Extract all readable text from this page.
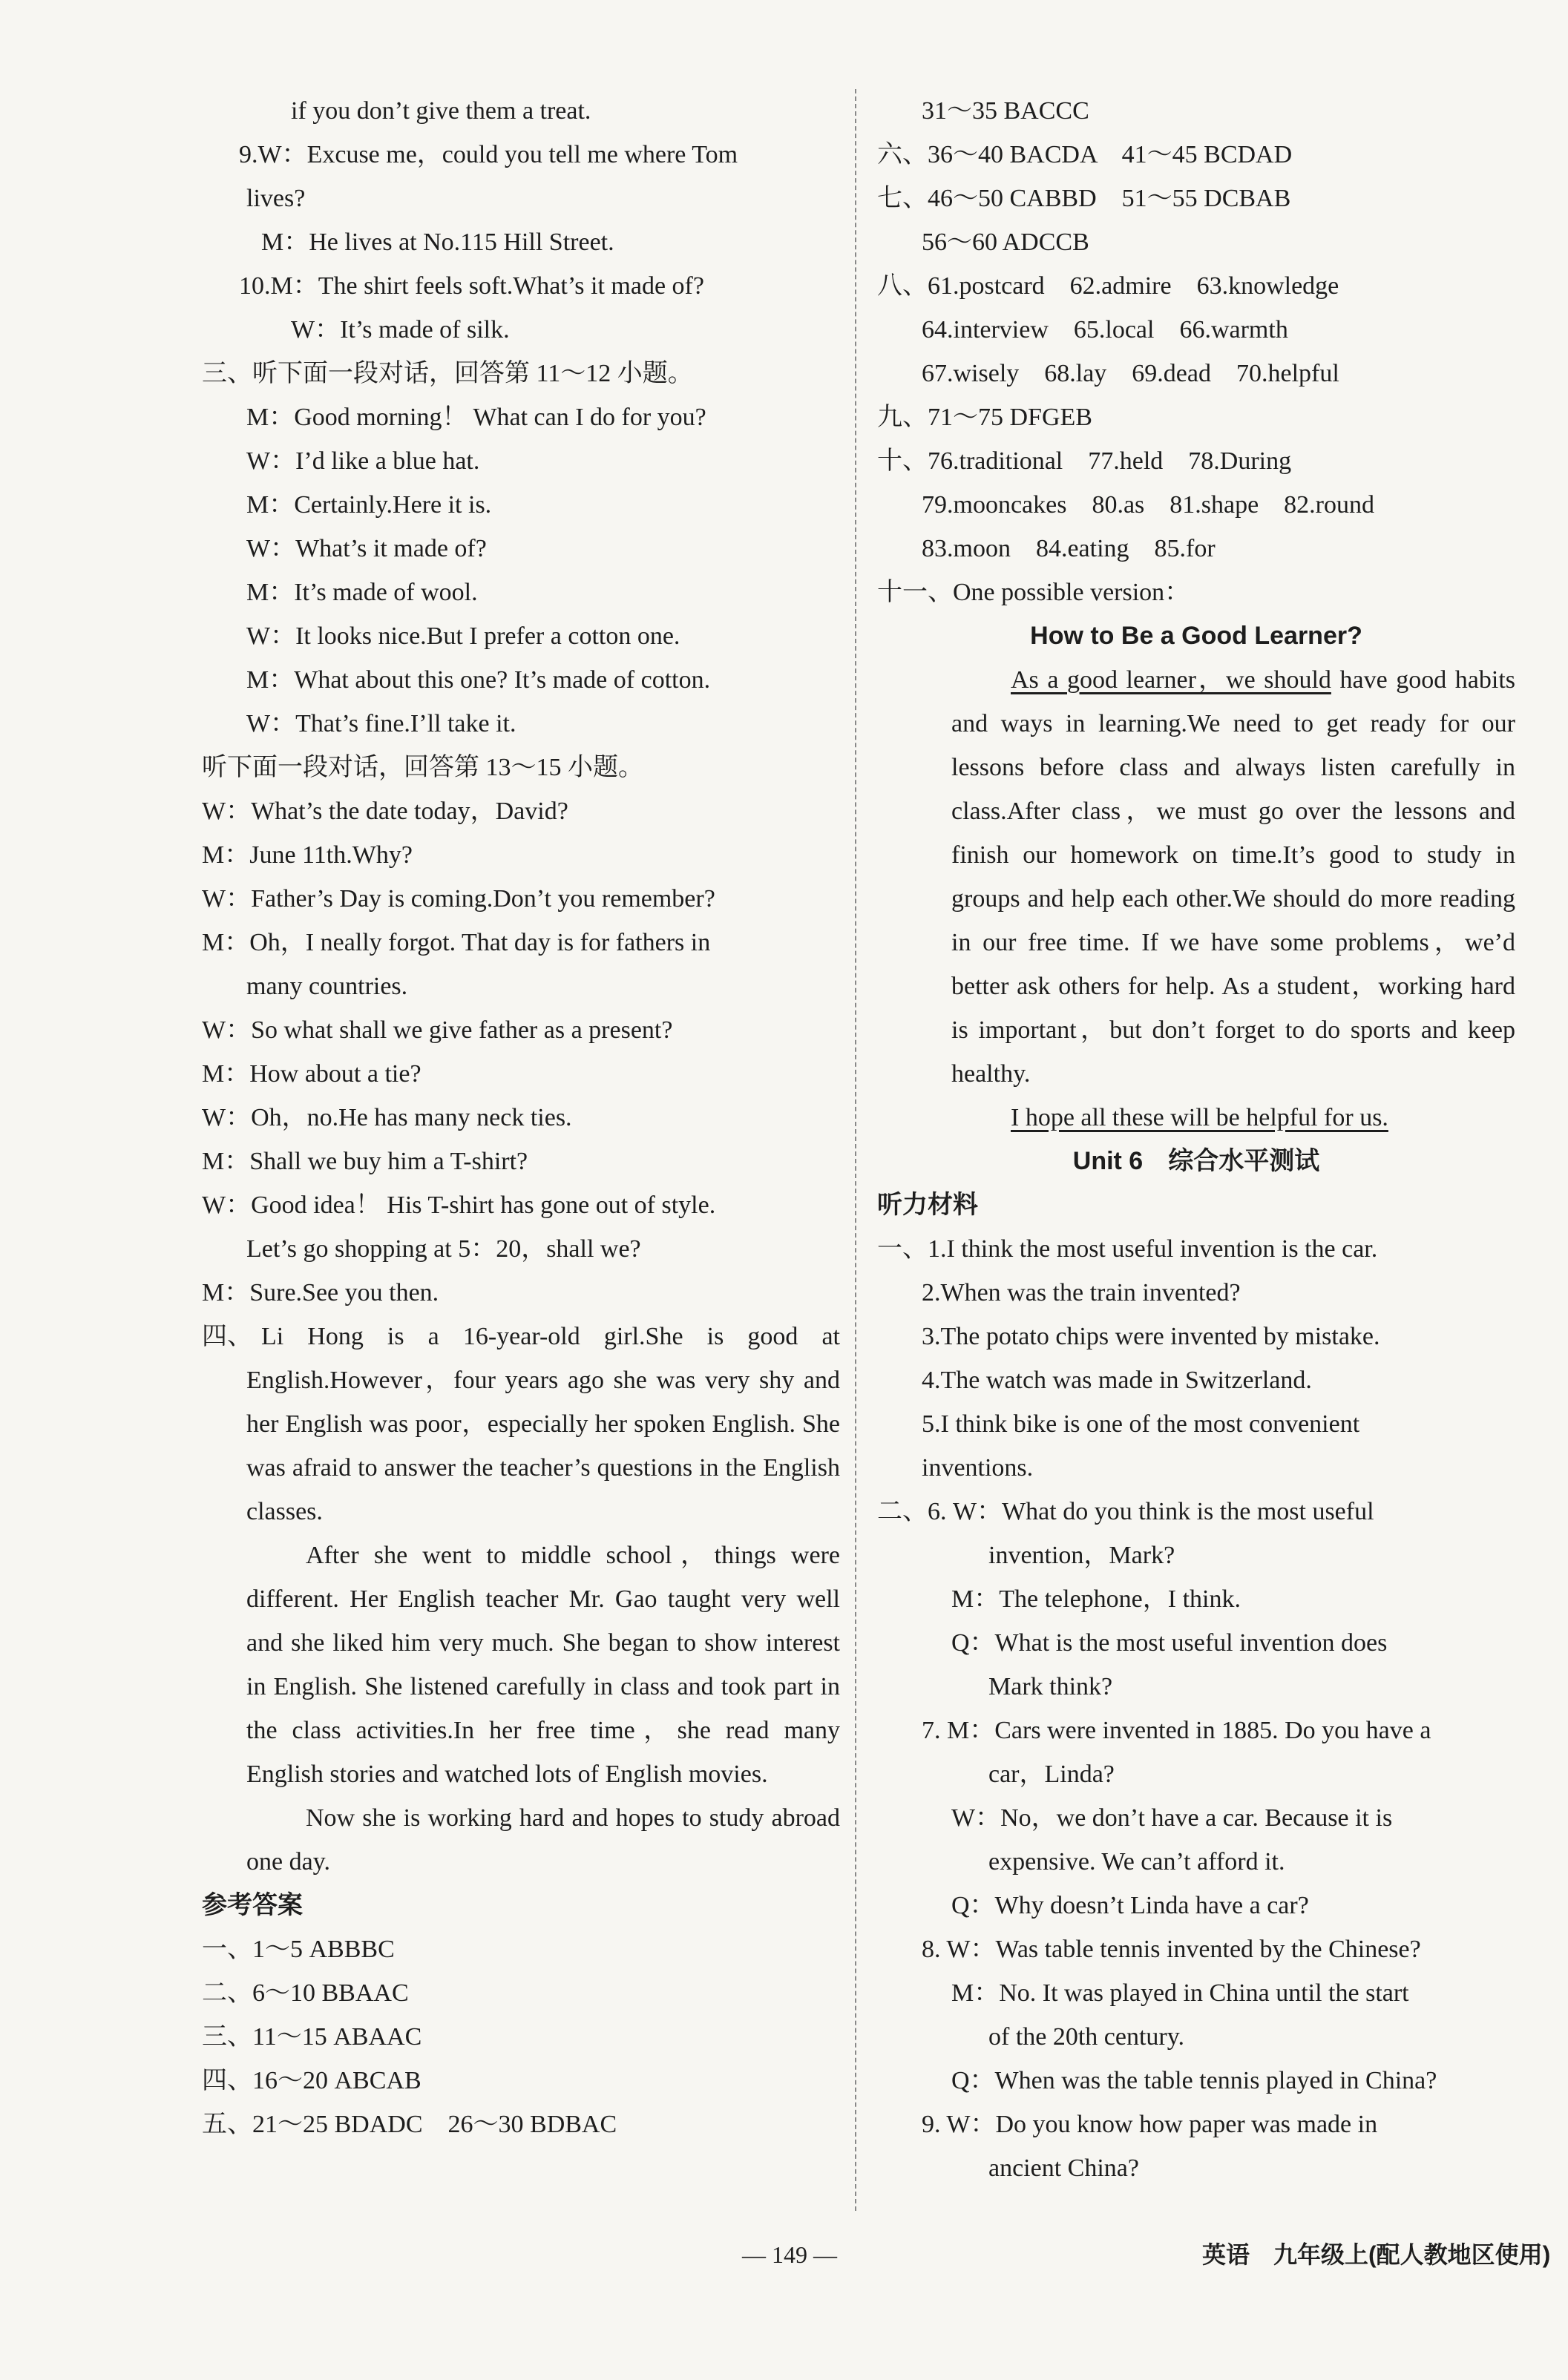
if you don’t give them a treat.
9.W：Excuse me，could you tell me where Tom
lives?
M：He lives at No.115 Hill Street.
10.M：The shirt feels soft.What’s it made of?
W：It’s made of silk.
三、听下面一段对话，回答第 11～12 小题。
M：Good morning！ What can I do for you?
W：I’d like a blue hat.
M：Certainly.Here it is.
W：What’s it made of?
M：It’s made of wool.
W：It looks nice.But I prefer a cotton one.
M：What about this one? It’s made of cotton.
W：That’s fine.I’ll take it.
听下面一段对话，回答第 13～15 小题。
W：What’s the date today，David?
M：June 11th.Why?
W：Father’s Day is coming.Don’t you remember?
M：Oh，I neally forgot. That day is for fathers in
many countries.
W：So what shall we give father as a present?
M：How about a tie?
W：Oh，no.He has many neck ties.
M：Shall we buy him a T-shirt?
W：Good idea！ His T-shirt has gone out of style.
Let’s go shopping at 5：20，shall we?
M：Sure.See you then.
四、 Li Hong is a 16-year-old girl.She is good at English.However，four years ago she was very shy and her English was poor，especially her spoken English. She was afraid to answer the teacher’s questions in the English classes.
After she went to middle school，things were different. Her English teacher Mr. Gao taught very well and she liked him very much. She began to show interest in English. She listened carefully in class and took part in the class activities.In her free time，she read many English stories and watched lots of English movies.
Now she is working hard and hopes to study abroad one day.
参考答案
一、1～5 ABBBC
二、6～10 BBAAC
三、11～15 ABAAC
四、16～20 ABCAB
五、21～25 BDADC　26～30 BDBAC
31～35 BACCC
六、36～40 BACDA　41～45 BCDAD
七、46～50 CABBD　51～55 DCBAB
56～60 ADCCB
八、61.postcard　62.admire　63.knowledge
64.interview　65.local　66.warmth
67.wisely　68.lay　69.dead　70.helpful
九、71～75 DFGEB
十、76.traditional　77.held　78.During
79.mooncakes　80.as　81.shape　82.round
83.moon　84.eating　85.for
十一、One possible version：
How to Be a Good Learner?
As a good learner，we should have good habits and ways in learning.We need to get ready for our lessons before class and always listen carefully in class.After class，we must go over the lessons and finish our homework on time.It’s good to study in groups and help each other.We should do more reading in our free time. If we have some problems，we’d better ask others for help. As a student，working hard is important，but don’t forget to do sports and keep healthy.
I hope all these will be helpful for us.
Unit 6　综合水平测试
听力材料
一、1.I think the most useful invention is the car.
2.When was the train invented?
3.The potato chips were invented by mistake.
4.The watch was made in Switzerland.
5.I think bike is one of the most convenient
inventions.
二、6. W：What do you think is the most useful
invention，Mark?
M：The telephone，I think.
Q：What is the most useful invention does
Mark think?
7. M：Cars were invented in 1885. Do you have a
car，Linda?
W：No，we don’t have a car. Because it is
expensive. We can’t afford it.
Q：Why doesn’t Linda have a car?
8. W：Was table tennis invented by the Chinese?
M：No. It was played in China until the start
of the 20th century.
Q：When was the table tennis played in China?
9. W：Do you know how paper was made in
ancient China?
— 149 —	英语　九年级上(配人教地区使用)
